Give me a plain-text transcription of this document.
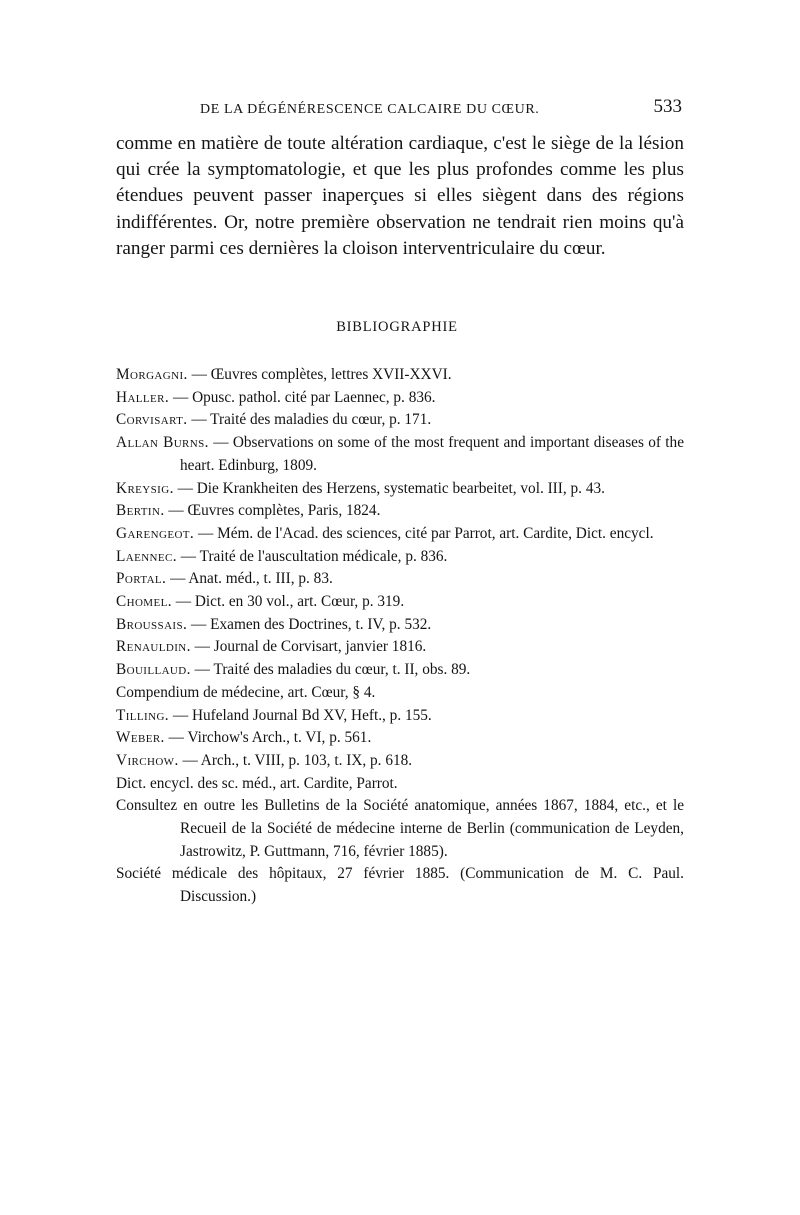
DE LA DÉGÉNÉRESCENCE CALCAIRE DU CŒUR.	533

comme en matière de toute altération cardiaque, c'est le siège de la lésion qui crée la symptomatologie, et que les plus profondes comme les plus étendues peuvent passer inaperçues si elles siègent dans des régions indifférentes. Or, notre première observation ne tendrait rien moins qu'à ranger parmi ces dernières la cloison interventriculaire du cœur.

BIBLIOGRAPHIE
Morgagni. — Œuvres complètes, lettres XVII-XXVI.
Haller. — Opusc. pathol. cité par Laennec, p. 836.
Corvisart. — Traité des maladies du cœur, p. 171.
Allan Burns. — Observations on some of the most frequent and important diseases of the heart. Edinburg, 1809.
Kreysig. — Die Krankheiten des Herzens, systematic bearbeitet, vol. III, p. 43.
Bertin. — Œuvres complètes, Paris, 1824.
Garengeot. — Mém. de l'Acad. des sciences, cité par Parrot, art. Cardite, Dict. encycl.
Laennec. — Traité de l'auscultation médicale, p. 836.
Portal. — Anat. méd., t. III, p. 83.
Chomel. — Dict. en 30 vol., art. Cœur, p. 319.
Broussais. — Examen des Doctrines, t. IV, p. 532.
Renauldin. — Journal de Corvisart, janvier 1816.
Bouillaud. — Traité des maladies du cœur, t. II, obs. 89.
Compendium de médecine, art. Cœur, § 4.
Tilling. — Hufeland Journal Bd XV, Heft., p. 155.
Weber. — Virchow's Arch., t. VI, p. 561.
Virchow. — Arch., t. VIII, p. 103, t. IX, p. 618.
Dict. encycl. des sc. méd., art. Cardite, Parrot.
Consultez en outre les Bulletins de la Société anatomique, années 1867, 1884, etc., et le Recueil de la Société de médecine interne de Berlin (communication de Leyden, Jastrowitz, P. Guttmann, 716, février 1885).
Société médicale des hôpitaux, 27 février 1885. (Communication de M. C. Paul. Discussion.)
